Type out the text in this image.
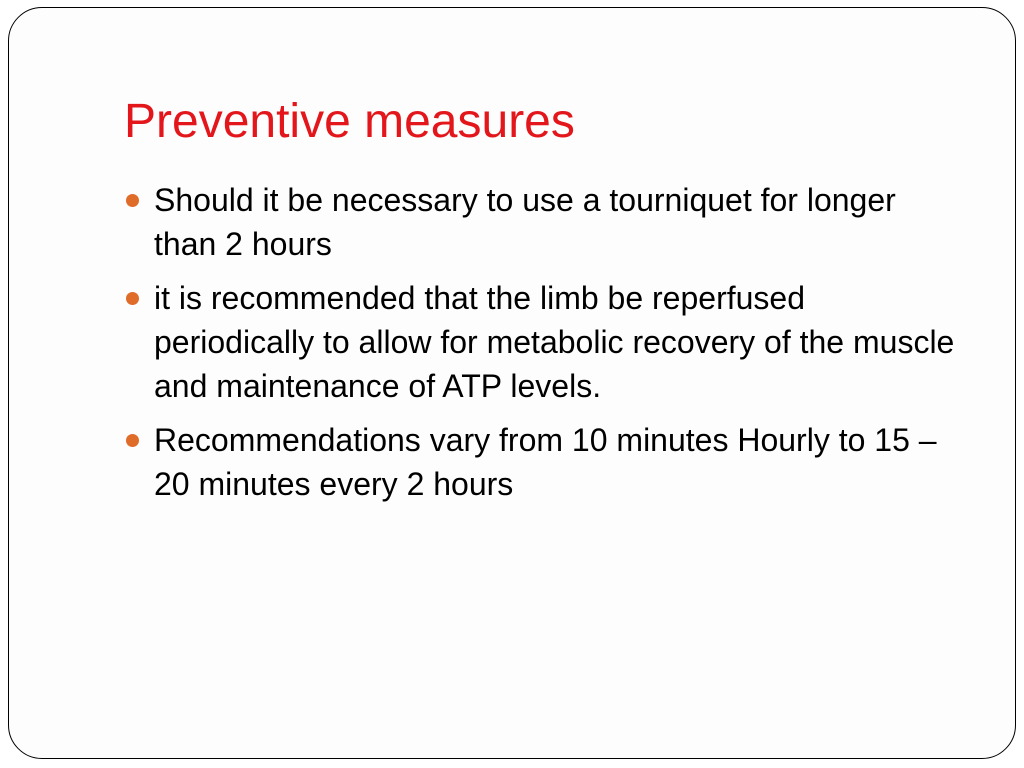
Preventive measures
Should it be necessary to use a tourniquet for longer than 2 hours
it is recommended that the limb be reperfused periodically to allow for metabolic recovery of the muscle and maintenance of ATP levels.
Recommendations vary from 10 minutes Hourly to 15 – 20 minutes every 2 hours
